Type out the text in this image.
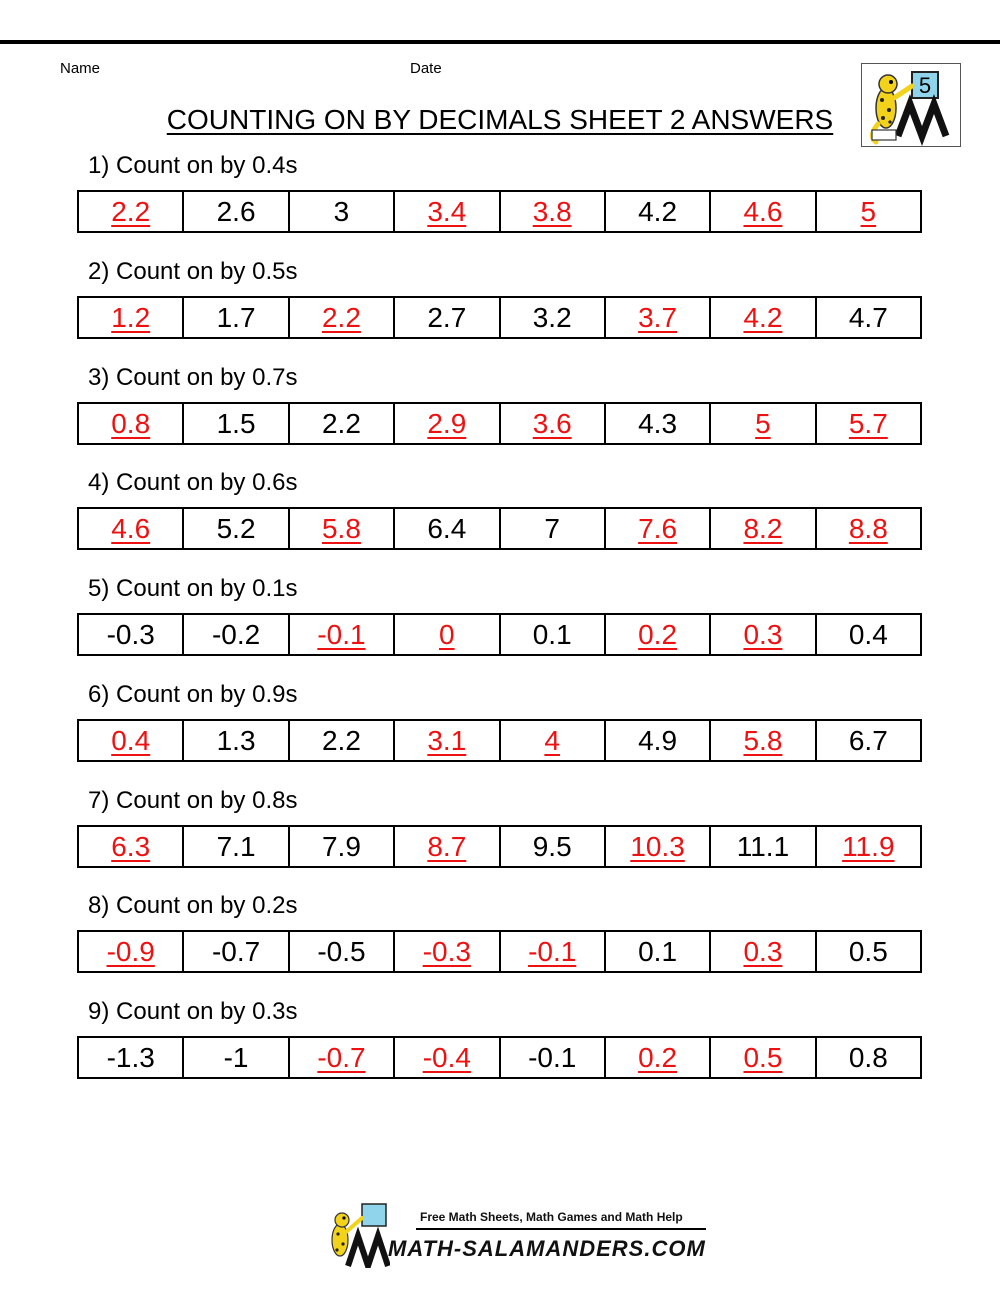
Name	Date
5
COUNTING ON BY DECIMALS SHEET 2 ANSWERS
1) Count on by 0.4s
2.2	2.6	3	3.4	3.8	4.2	4.6	5
2) Count on by 0.5s
1.2	1.7	2.2	2.7	3.2	3.7	4.2	4.7
3) Count on by 0.7s
0.8	1.5	2.2	2.9	3.6	4.3	5	5.7
4) Count on by 0.6s
4.6	5.2	5.8	6.4	7	7.6	8.2	8.8
5) Count on by 0.1s
-0.3	-0.2	-0.1	0	0.1	0.2	0.3	0.4
6) Count on by 0.9s
0.4	1.3	2.2	3.1	4	4.9	5.8	6.7
7) Count on by 0.8s
6.3	7.1	7.9	8.7	9.5	10.3	11.1	11.9
8) Count on by 0.2s
-0.9	-0.7	-0.5	-0.3	-0.1	0.1	0.3	0.5
9) Count on by 0.3s
-1.3	-1	-0.7	-0.4	-0.1	0.2	0.5	0.8
Free Math Sheets, Math Games and Math Help
MATH-SALAMANDERS.COM
